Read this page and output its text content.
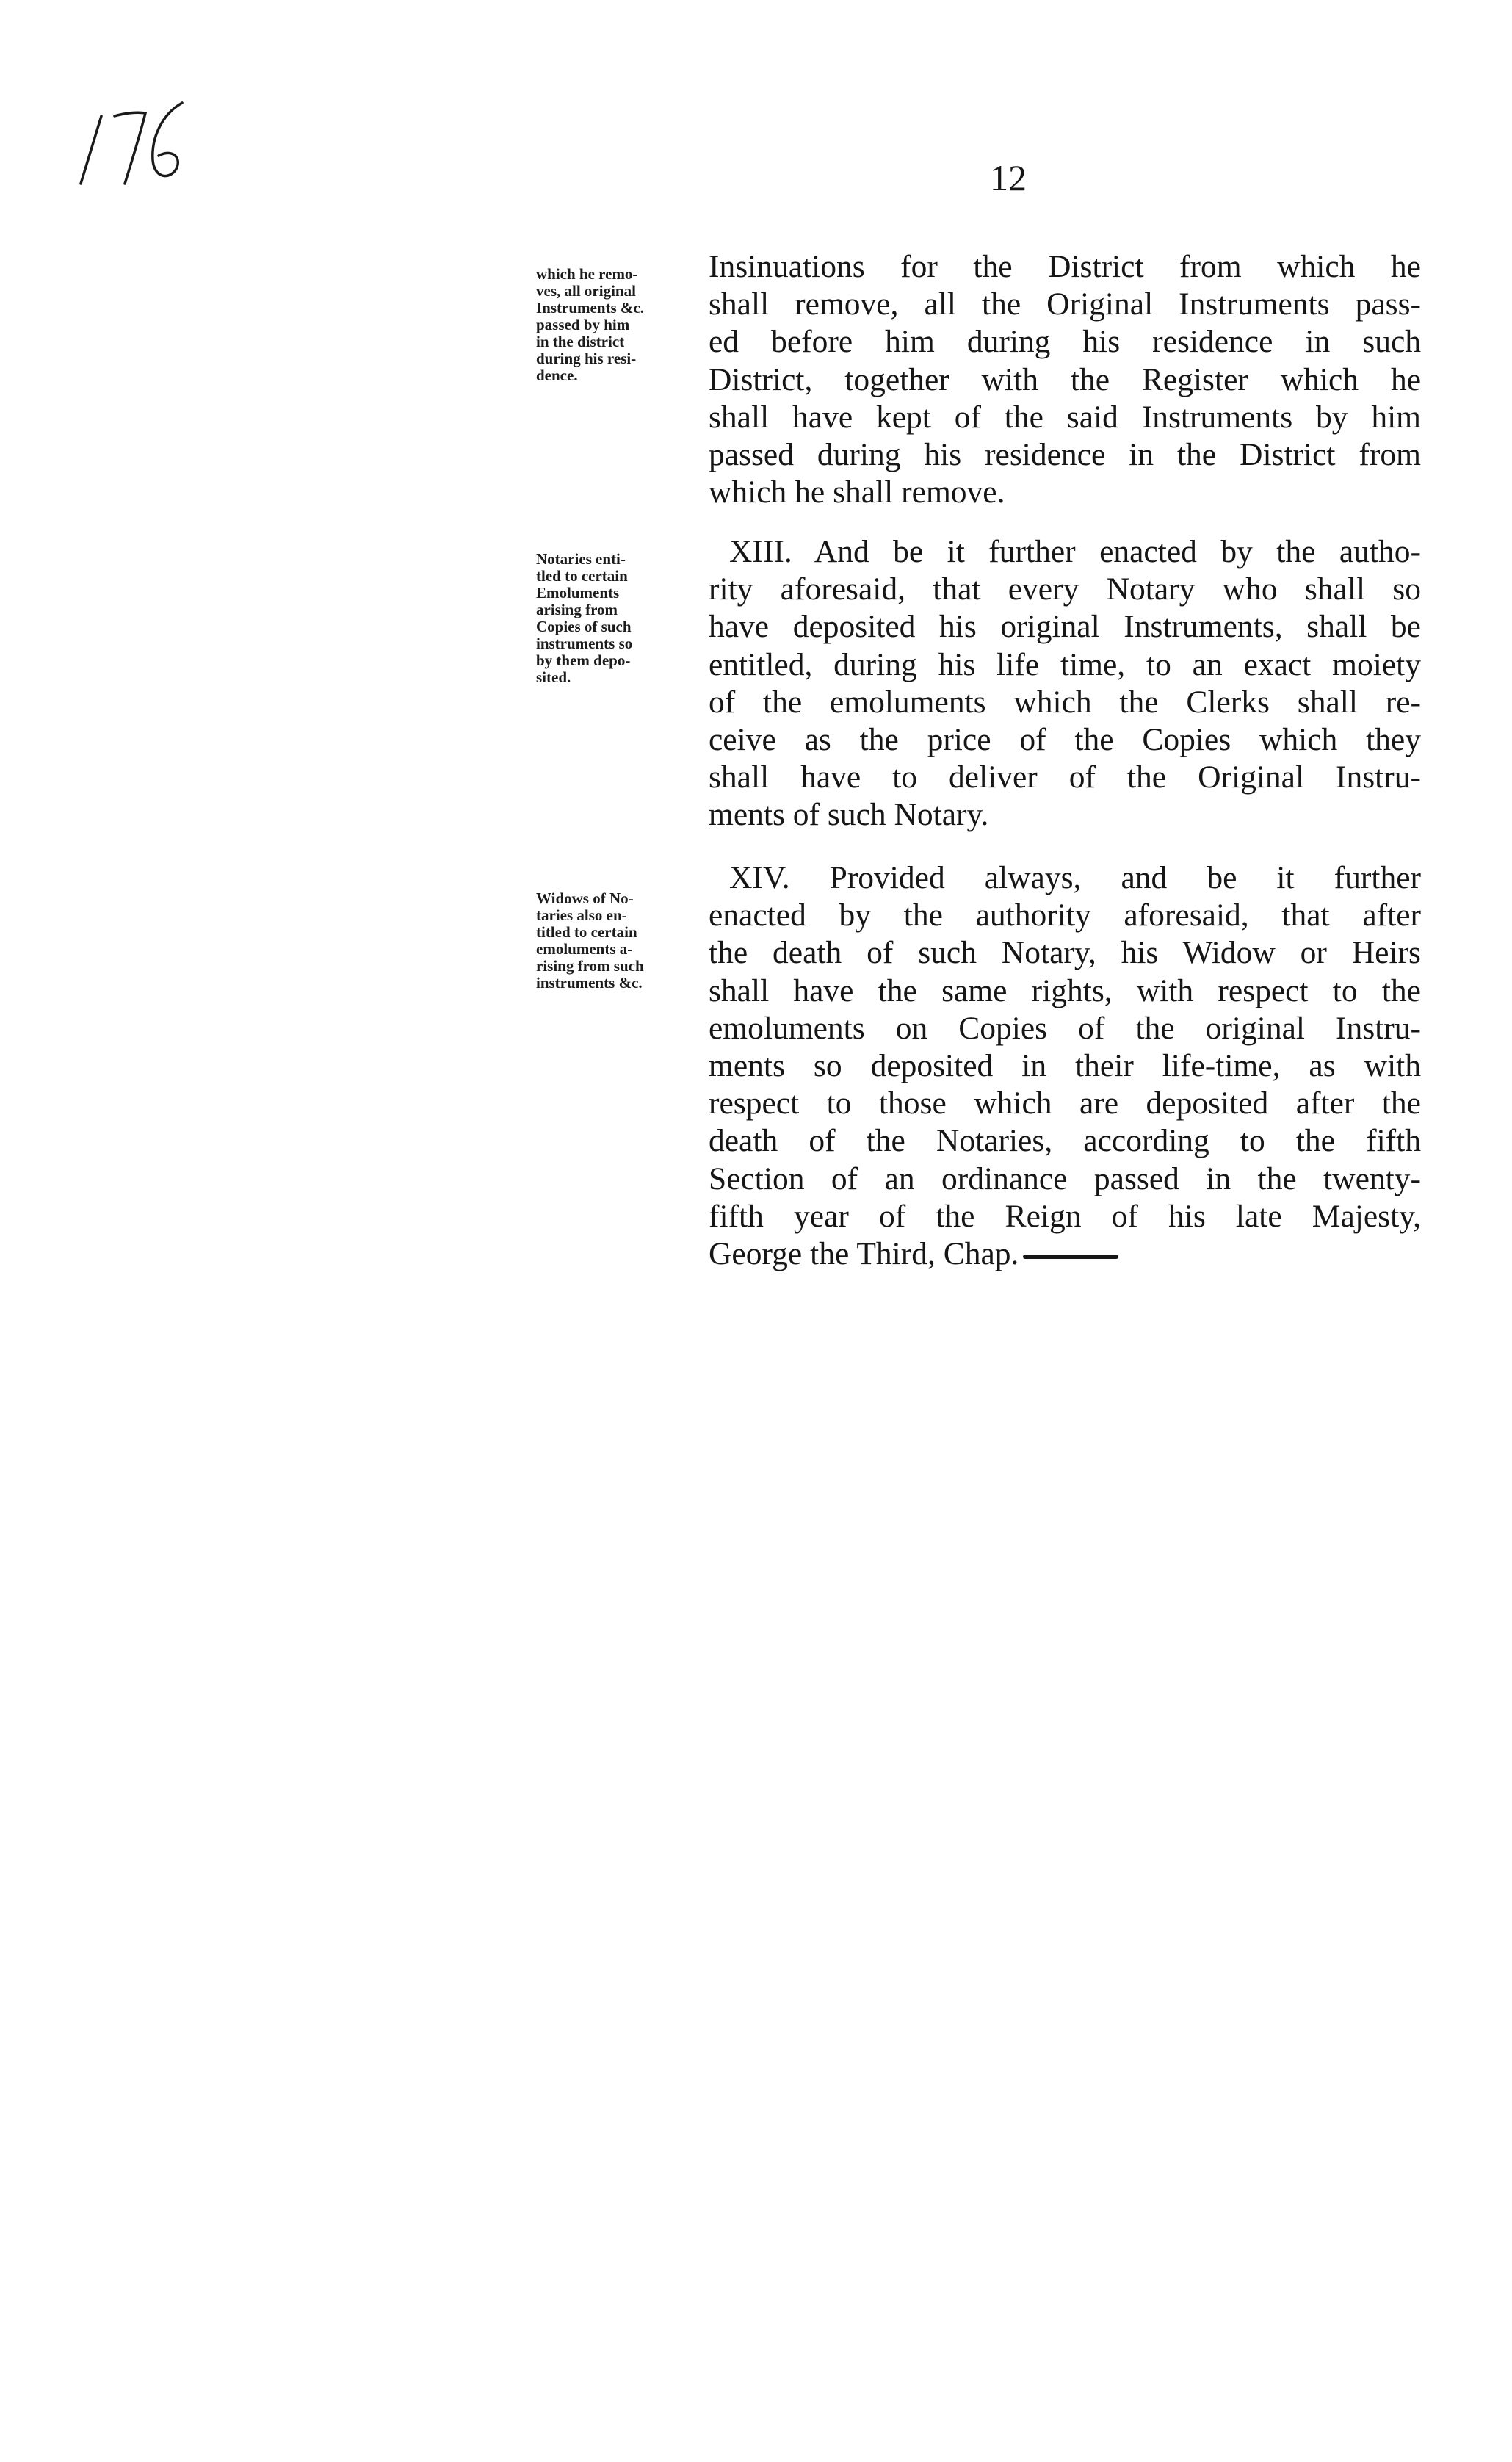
12
which he remo-
ves, all original
Instruments &c.
passed by him
in the district
during his resi-
dence.
Notaries enti-
tled to certain
Emoluments
arising from
Copies of such
instruments so
by them depo-
sited.
Widows of No-
taries also en-
titled to certain
emoluments a-
rising from such
instruments &c.
Insinuations for the District from which he
shall remove, all the Original Instruments pass-
ed before him during his residence in such
District, together with the Register which he
shall have kept of the said Instruments by him
passed during his residence in the District from
which he shall remove.
XIII. And be it further enacted by the autho-
rity aforesaid, that every Notary who shall so
have deposited his original Instruments, shall be
entitled, during his life time, to an exact moiety
of the emoluments which the Clerks shall re-
ceive as the price of the Copies which they
shall have to deliver of the Original Instru-
ments of such Notary.
XIV. Provided always, and be it further
enacted by the authority aforesaid, that after
the death of such Notary, his Widow or Heirs
shall have the same rights, with respect to the
emoluments on Copies of the original Instru-
ments so deposited in their life-time, as with
respect to those which are deposited after the
death of the Notaries, according to the fifth
Section of an ordinance passed in the twenty-
fifth year of the Reign of his late Majesty,
George the Third, Chap.
